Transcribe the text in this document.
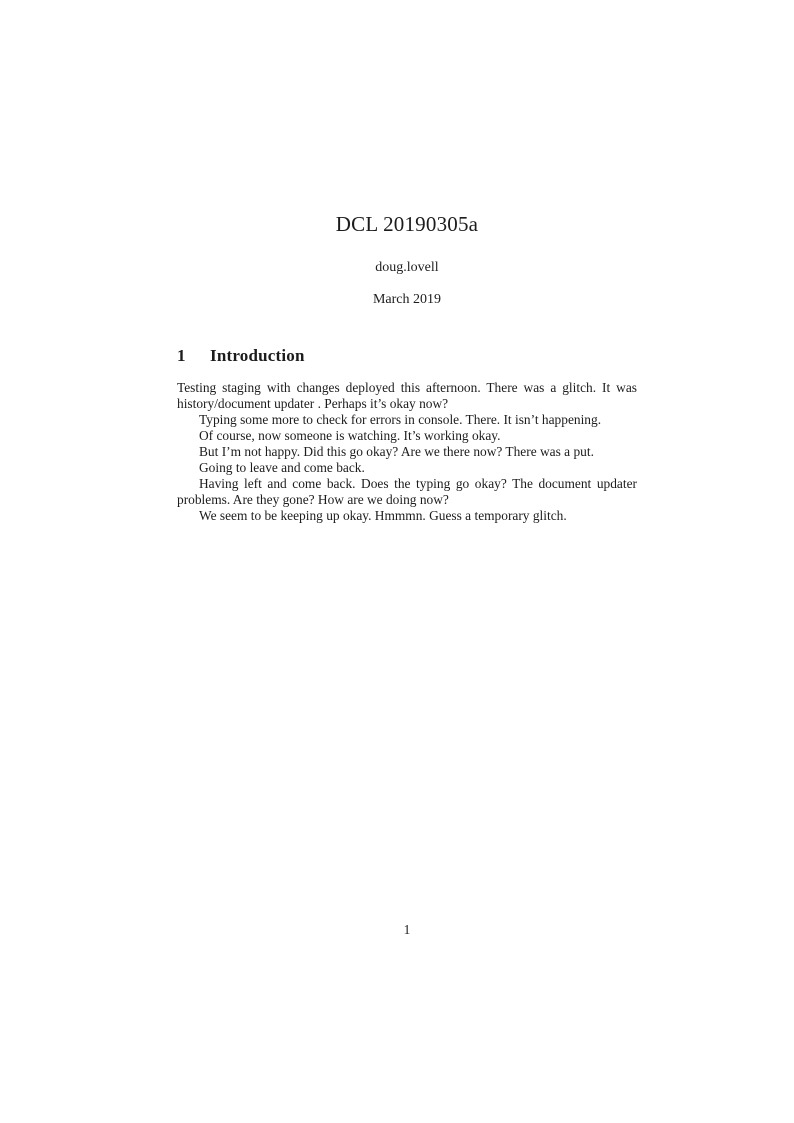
DCL 20190305a
doug.lovell
March 2019
1 Introduction

Testing staging with changes deployed this afternoon. There was a glitch. It was history/document updater . Perhaps it’s okay now?

Typing some more to check for errors in console. There. It isn’t happening.

Of course, now someone is watching. It’s working okay.

But I’m not happy. Did this go okay? Are we there now? There was a put.

Going to leave and come back.

Having left and come back. Does the typing go okay? The document updater problems. Are they gone? How are we doing now?

We seem to be keeping up okay. Hmmmn. Guess a temporary glitch.

1
